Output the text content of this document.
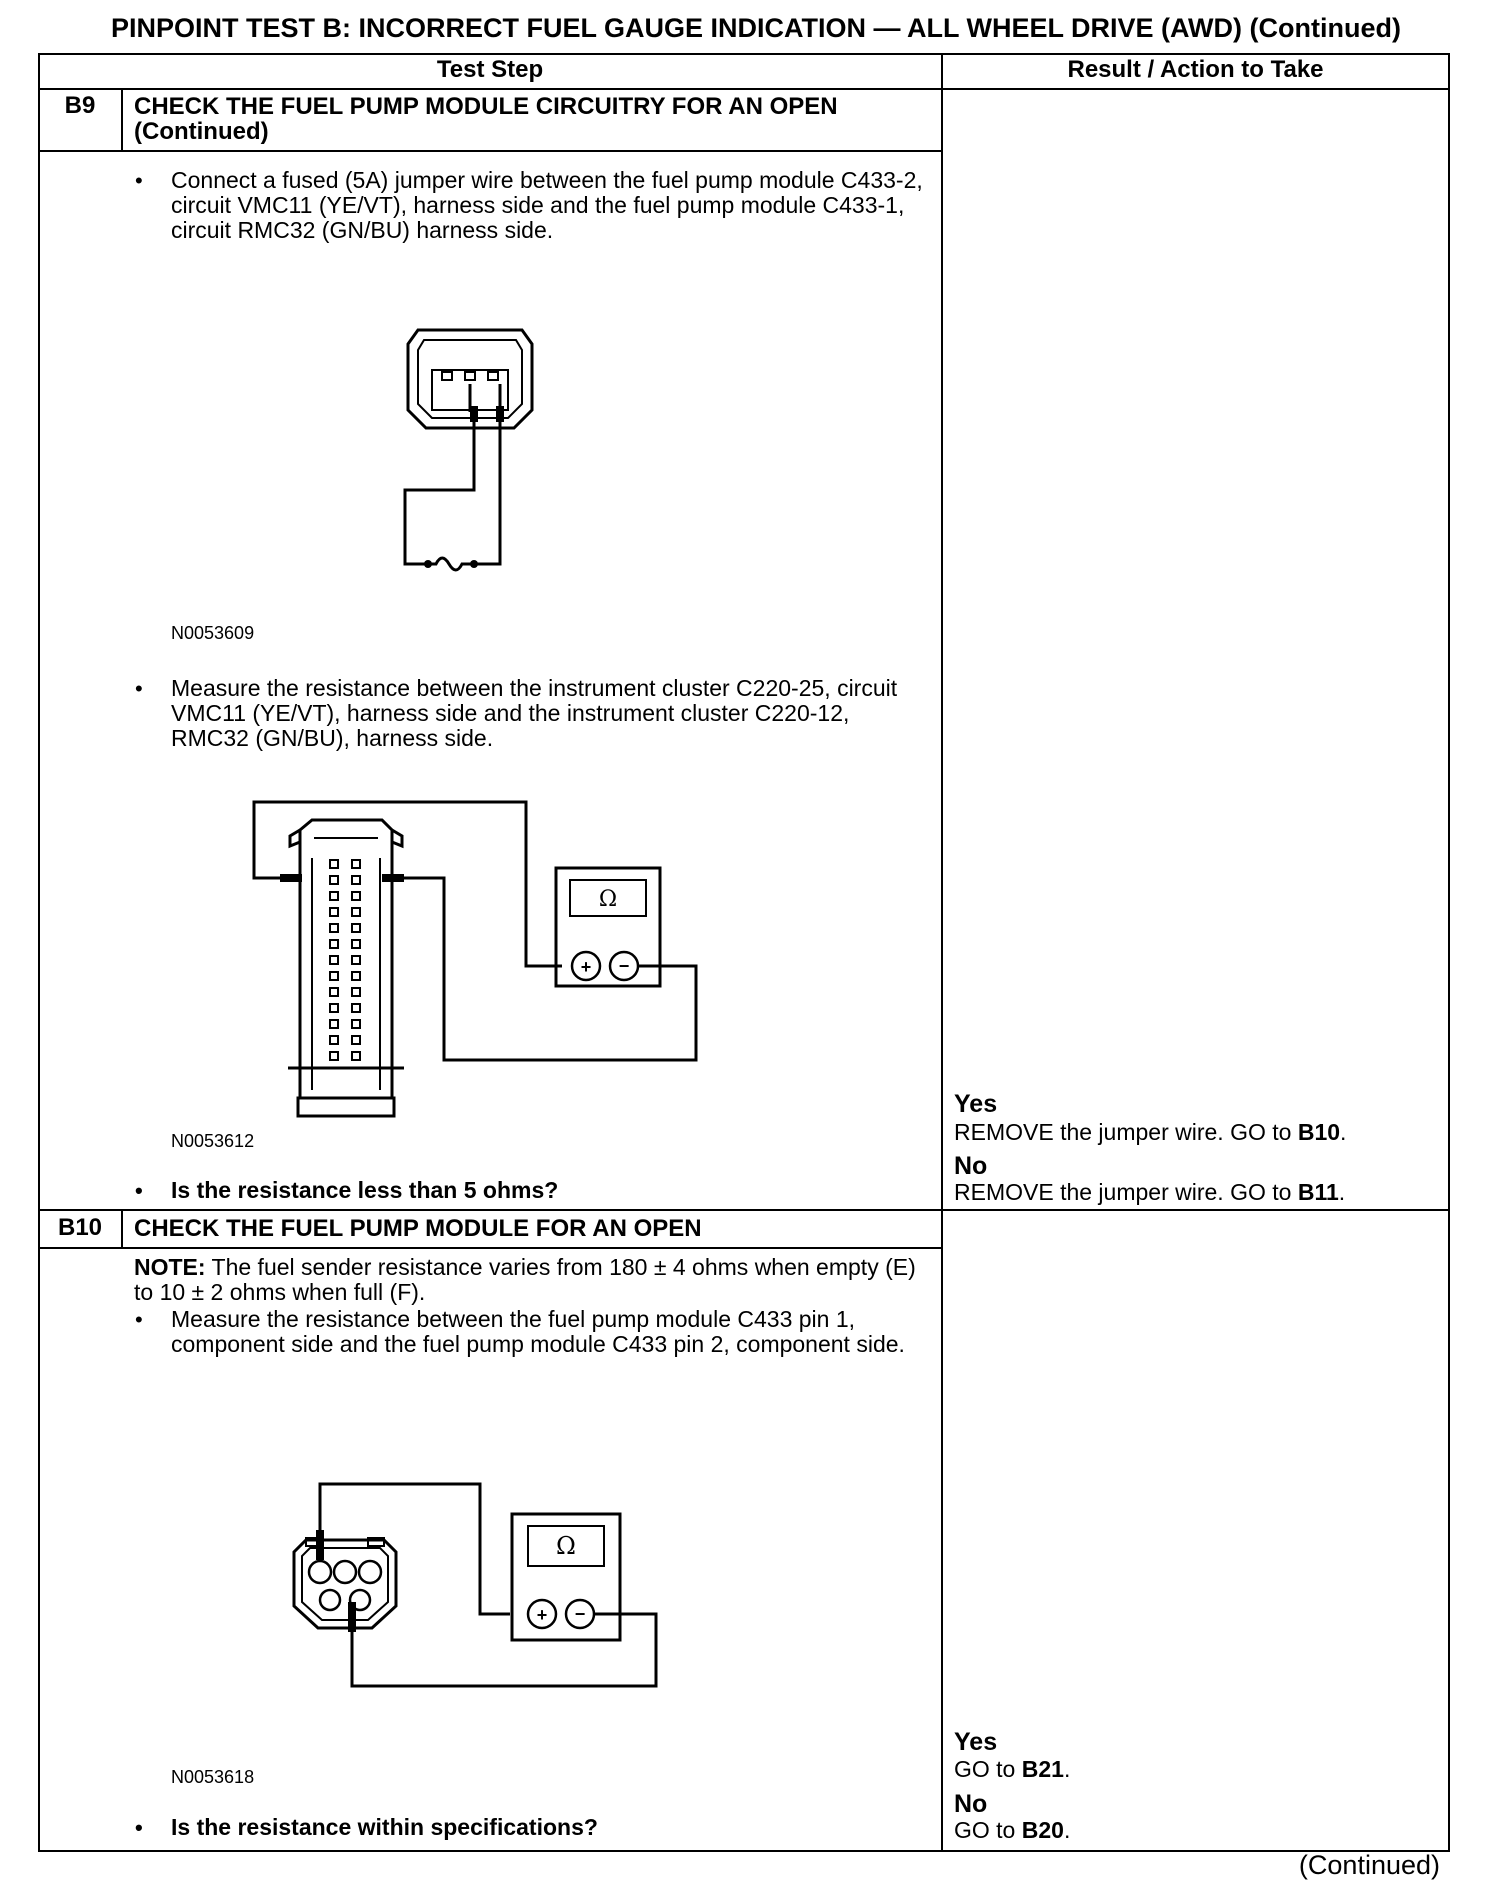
PINPOINT TEST B: INCORRECT FUEL GAUGE INDICATION — ALL WHEEL DRIVE (AWD) (Continued)
Test Step	Result / Action to Take
B9	CHECK THE FUEL PUMP MODULE CIRCUITRY FOR AN OPEN (Continued)
• Connect a fused (5A) jumper wire between the fuel pump module C433-2, circuit VMC11 (YE/VT), harness side and the fuel pump module C433-1, circuit RMC32 (GN/BU) harness side.
N0053609
• Measure the resistance between the instrument cluster C220-25, circuit VMC11 (YE/VT), harness side and the instrument cluster C220-12, RMC32 (GN/BU), harness side.
Ω
+ −
N0053612
• Is the resistance less than 5 ohms?
Yes
REMOVE the jumper wire. GO to B10.
No
REMOVE the jumper wire. GO to B11.
B10	CHECK THE FUEL PUMP MODULE FOR AN OPEN
NOTE: The fuel sender resistance varies from 180 ± 4 ohms when empty (E) to 10 ± 2 ohms when full (F).
• Measure the resistance between the fuel pump module C433 pin 1, component side and the fuel pump module C433 pin 2, component side.
Ω
+ −
N0053618
• Is the resistance within specifications?
Yes
GO to B21.
No
GO to B20.
(Continued)
